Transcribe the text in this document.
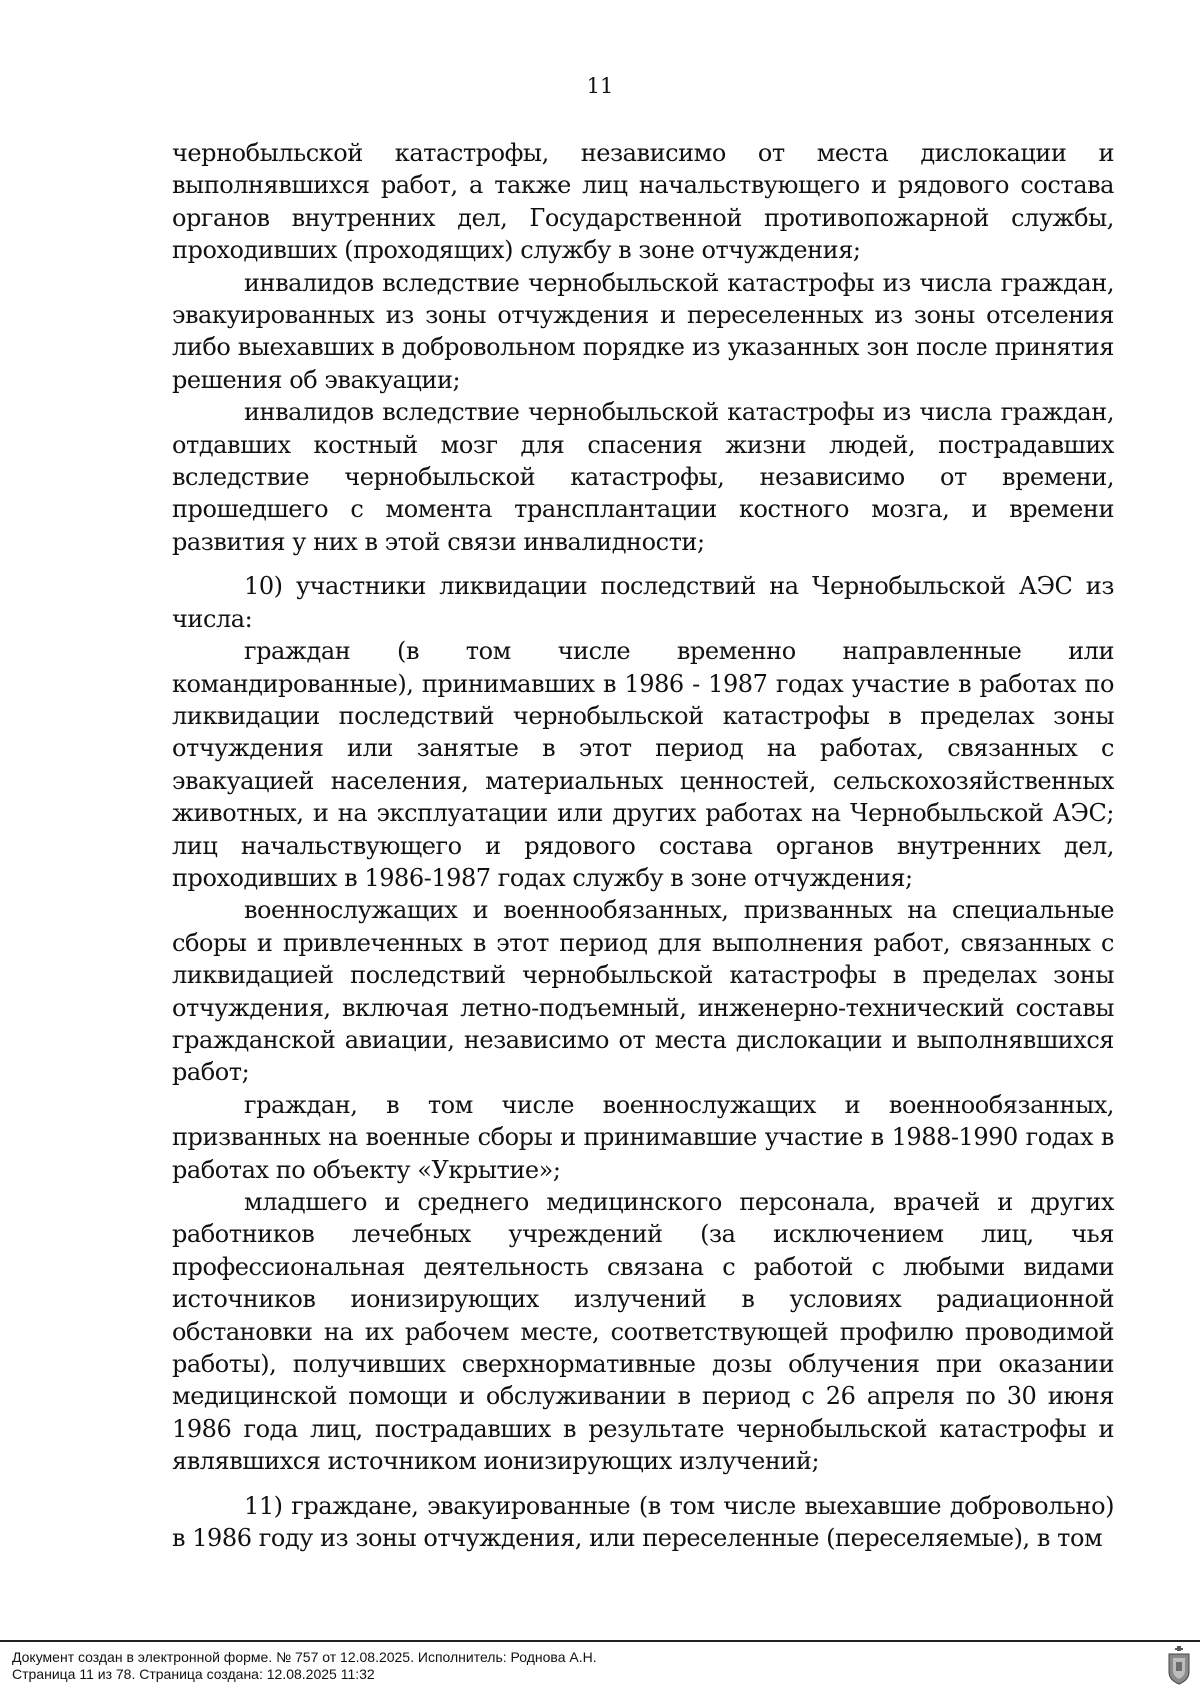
11

чернобыльской катастрофы, независимо от места дислокации и выполнявшихся работ, а также лиц начальствующего и рядового состава органов внутренних дел, Государственной противопожарной службы, проходивших (проходящих) службу в зоне отчуждения;

инвалидов вследствие чернобыльской катастрофы из числа граждан, эвакуированных из зоны отчуждения и переселенных из зоны отселения либо выехавших в добровольном порядке из указанных зон после принятия решения об эвакуации;

инвалидов вследствие чернобыльской катастрофы из числа граждан, отдавших костный мозг для спасения жизни людей, пострадавших вследствие чернобыльской катастрофы, независимо от времени, прошедшего с момента трансплантации костного мозга, и времени развития у них в этой связи инвалидности;

10) участники ликвидации последствий на Чернобыльской АЭС из числа:

граждан (в том числе временно направленные или командированные), принимавших в 1986 - 1987 годах участие в работах по ликвидации последствий чернобыльской катастрофы в пределах зоны отчуждения или занятые в этот период на работах, связанных с эвакуацией населения, материальных ценностей, сельскохозяйственных животных, и на эксплуатации или других работах на Чернобыльской АЭС; лиц начальствующего и рядового состава органов внутренних дел, проходивших в 1986-1987 годах службу в зоне отчуждения;

военнослужащих и военнообязанных, призванных на специальные сборы и привлеченных в этот период для выполнения работ, связанных с ликвидацией последствий чернобыльской катастрофы в пределах зоны отчуждения, включая летно-подъемный, инженерно-технический составы гражданской авиации, независимо от места дислокации и выполнявшихся работ;

граждан, в том числе военнослужащих и военнообязанных, призванных на военные сборы и принимавшие участие в 1988-1990 годах в работах по объекту «Укрытие»;

младшего и среднего медицинского персонала, врачей и других работников лечебных учреждений (за исключением лиц, чья профессиональная деятельность связана с работой с любыми видами источников ионизирующих излучений в условиях радиационной обстановки на их рабочем месте, соответствующей профилю проводимой работы), получивших сверхнормативные дозы облучения при оказании медицинской помощи и обслуживании в период с 26 апреля по 30 июня 1986 года лиц, пострадавших в результате чернобыльской катастрофы и являвшихся источником ионизирующих излучений;

11) граждане, эвакуированные (в том числе выехавшие добровольно) в 1986 году из зоны отчуждения, или переселенные (переселяемые), в том

Документ создан в электронной форме. № 757 от 12.08.2025. Исполнитель: Роднова А.Н.
Страница 11 из 78. Страница создана: 12.08.2025 11:32
